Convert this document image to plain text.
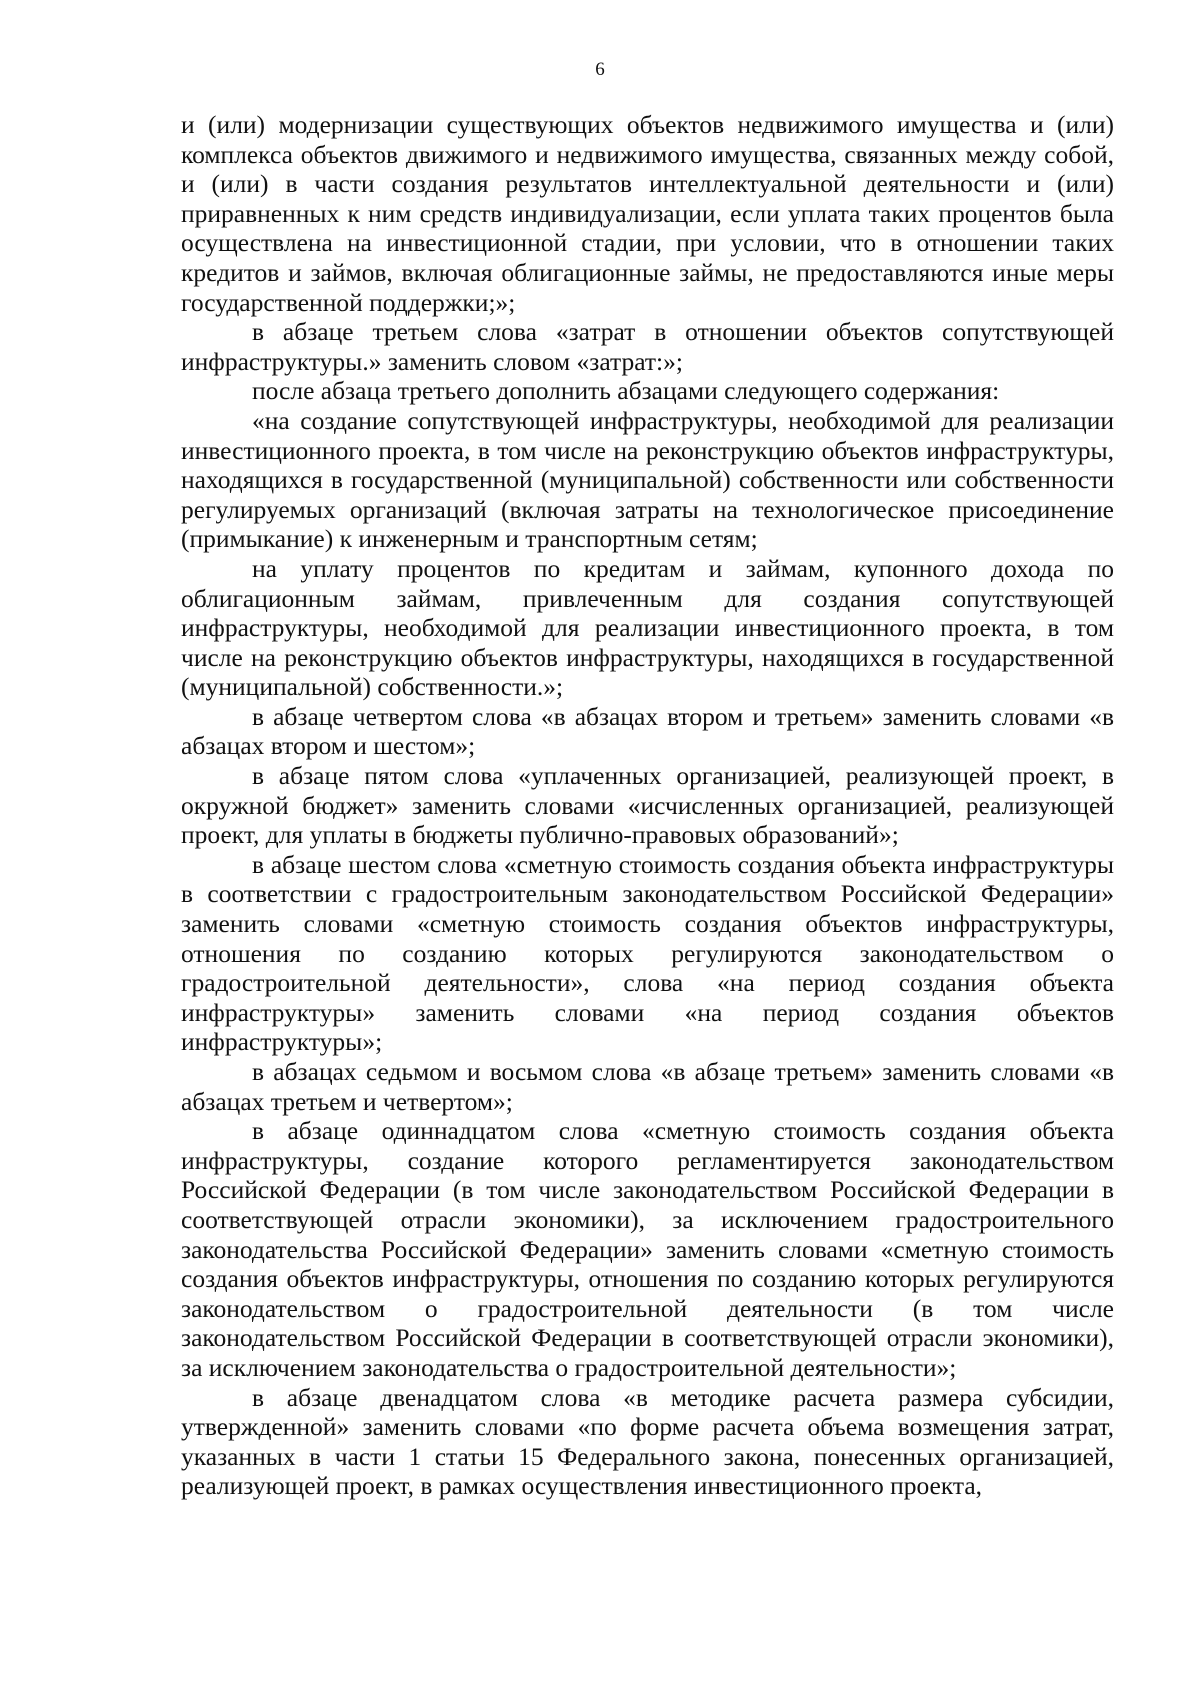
6

и (или) модернизации существующих объектов недвижимого имущества и (или) комплекса объектов движимого и недвижимого имущества, связанных между собой, и (или) в части создания результатов интеллектуальной деятельности и (или) приравненных к ним средств индивидуализации, если уплата таких процентов была осуществлена на инвестиционной стадии, при условии, что в отношении таких кредитов и займов, включая облигационные займы, не предоставляются иные меры государственной поддержки;»;

в абзаце третьем слова «затрат в отношении объектов сопутствующей инфраструктуры.» заменить словом «затрат:»;

после абзаца третьего дополнить абзацами следующего содержания:

«на создание сопутствующей инфраструктуры, необходимой для реализации инвестиционного проекта, в том числе на реконструкцию объектов инфраструктуры, находящихся в государственной (муниципальной) собственности или собственности регулируемых организаций (включая затраты на технологическое присоединение (примыкание) к инженерным и транспортным сетям;

на уплату процентов по кредитам и займам, купонного дохода по облигационным займам, привлеченным для создания сопутствующей инфраструктуры, необходимой для реализации инвестиционного проекта, в том числе на реконструкцию объектов инфраструктуры, находящихся в государственной (муниципальной) собственности.»;

в абзаце четвертом слова «в абзацах втором и третьем» заменить словами «в абзацах втором и шестом»;

в абзаце пятом слова «уплаченных организацией, реализующей проект, в окружной бюджет» заменить словами «исчисленных организацией, реализующей проект, для уплаты в бюджеты публично-правовых образований»;

в абзаце шестом слова «сметную стоимость создания объекта инфраструктуры в соответствии с градостроительным законодательством Российской Федерации» заменить словами «сметную стоимость создания объектов инфраструктуры, отношения по созданию которых регулируются законодательством о градостроительной деятельности», слова «на период создания объекта инфраструктуры» заменить словами «на период создания объектов инфраструктуры»;

в абзацах седьмом и восьмом слова «в абзаце третьем» заменить словами «в абзацах третьем и четвертом»;

в абзаце одиннадцатом слова «сметную стоимость создания объекта инфраструктуры, создание которого регламентируется законодательством Российской Федерации (в том числе законодательством Российской Федерации в соответствующей отрасли экономики), за исключением градостроительного законодательства Российской Федерации» заменить словами «сметную стоимость создания объектов инфраструктуры, отношения по созданию которых регулируются законодательством о градостроительной деятельности (в том числе законодательством Российской Федерации в соответствующей отрасли экономики), за исключением законодательства о градостроительной деятельности»;

в абзаце двенадцатом слова «в методике расчета размера субсидии, утвержденной» заменить словами «по форме расчета объема возмещения затрат, указанных в части 1 статьи 15 Федерального закона, понесенных организацией, реализующей проект, в рамках осуществления инвестиционного проекта,
